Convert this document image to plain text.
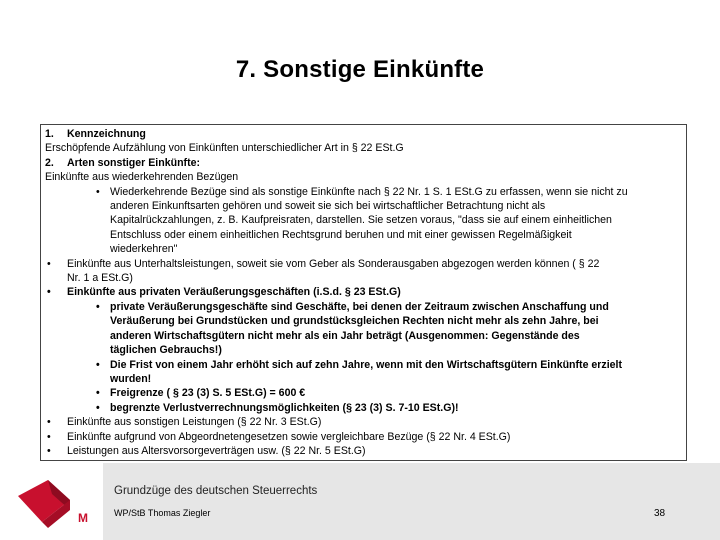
7. Sonstige Einkünfte
1.	Kennzeichnung
Erschöpfende Aufzählung von Einkünften unterschiedlicher Art in § 22 ESt.G
2.	Arten sonstiger Einkünfte:
Einkünfte aus wiederkehrenden Bezügen
• Wiederkehrende Bezüge sind als sonstige Einkünfte nach § 22 Nr. 1 S. 1 ESt.G zu erfassen, wenn sie nicht zu
anderen Einkunftsarten gehören und soweit sie sich bei wirtschaftlicher Betrachtung nicht als
Kapitalrückzahlungen, z. B. Kaufpreisraten, darstellen. Sie setzen voraus, "dass sie auf einem einheitlichen
Entschluss oder einem einheitlichen Rechtsgrund beruhen und mit einer gewissen Regelmäßigkeit
wiederkehren"
•	Einkünfte aus Unterhaltsleistungen, soweit sie vom Geber als Sonderausgaben abgezogen werden können ( § 22
Nr. 1 a ESt.G)
•	Einkünfte aus privaten Veräußerungsgeschäften (i.S.d. § 23 ESt.G)
• private Veräußerungsgeschäfte sind Geschäfte, bei denen der Zeitraum zwischen Anschaffung und
Veräußerung bei Grundstücken und grundstücksgleichen Rechten nicht mehr als zehn Jahre, bei
anderen Wirtschaftsgütern nicht mehr als ein Jahr beträgt (Ausgenommen: Gegenstände des
täglichen Gebrauchs!)
• Die Frist von einem Jahr erhöht sich auf zehn Jahre, wenn mit den Wirtschaftsgütern Einkünfte erzielt
wurden!
• Freigrenze ( § 23 (3) S. 5 ESt.G) = 600 €
• begrenzte Verlustverrechnungsmöglichkeiten (§ 23 (3) S. 7-10 ESt.G)!
•	Einkünfte aus sonstigen Leistungen (§ 22 Nr. 3 ESt.G)
•	Einkünfte aufgrund von Abgeordnetengesetzen sowie vergleichbare Bezüge (§ 22 Nr. 4 ESt.G)
•	Leistungen aus Altersvorsorgeverträgen usw. (§ 22 Nr. 5 ESt.G)
M
Grundzüge des deutschen Steuerrechts
WP/StB Thomas Ziegler	38
